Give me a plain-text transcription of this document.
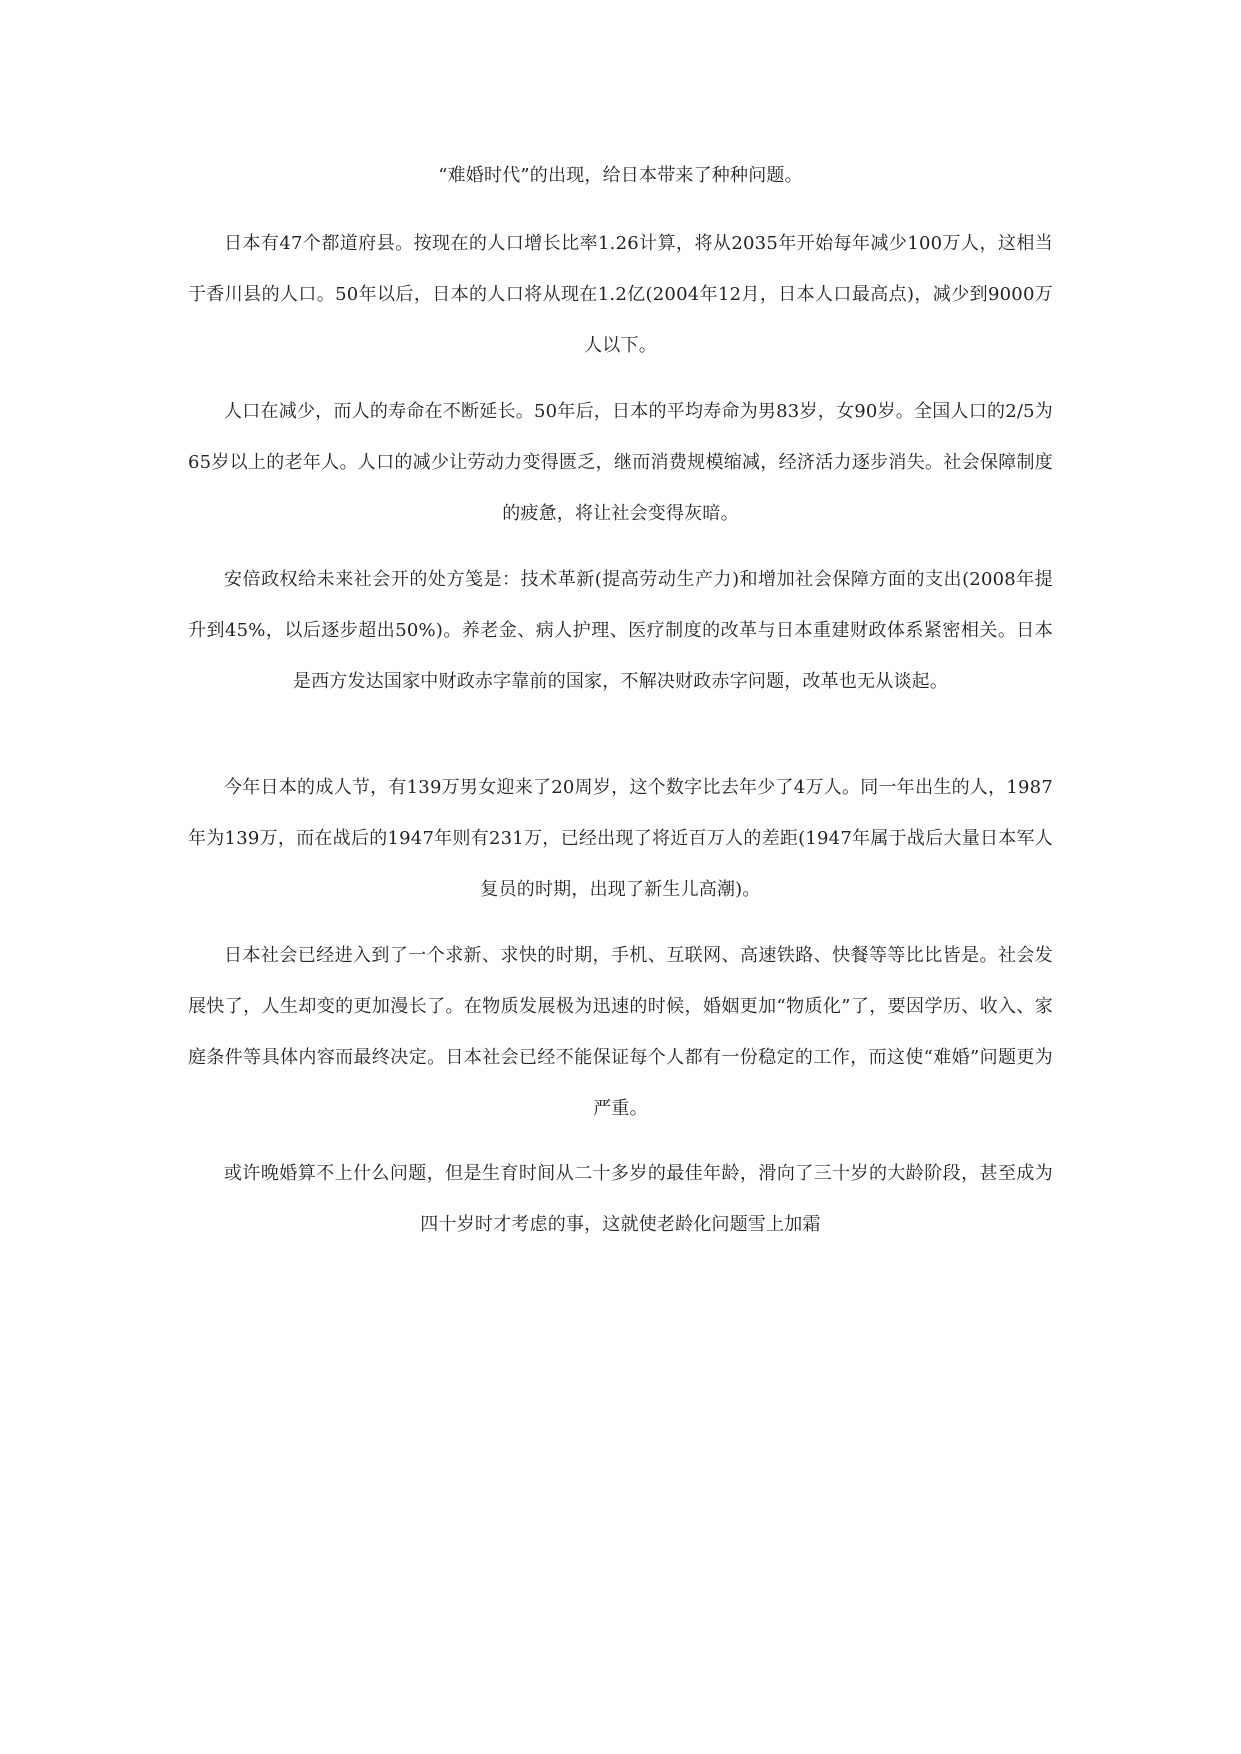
“难婚时代”的出现，给日本带来了种种问题。

日本有47个都道府县。按现在的人口增长比率1.26计算，将从2035年开始每年减少100万人，这相当于香川县的人口。50年以后，日本的人口将从现在1.2亿(2004年12月，日本人口最高点)，减少到9000万人以下。

人口在减少，而人的寿命在不断延长。50年后，日本的平均寿命为男83岁，女90岁。全国人口的2/5为65岁以上的老年人。人口的减少让劳动力变得匮乏，继而消费规模缩减，经济活力逐步消失。社会保障制度的疲惫，将让社会变得灰暗。

安倍政权给未来社会开的处方笺是：技术革新(提高劳动生产力)和增加社会保障方面的支出(2008年提升到45%，以后逐步超出50%)。养老金、病人护理、医疗制度的改革与日本重建财政体系紧密相关。日本是西方发达国家中财政赤字靠前的国家，不解决财政赤字问题，改革也无从谈起。

今年日本的成人节，有139万男女迎来了20周岁，这个数字比去年少了4万人。同一年出生的人，1987年为139万，而在战后的1947年则有231万，已经出现了将近百万人的差距(1947年属于战后大量日本军人复员的时期，出现了新生儿高潮)。

日本社会已经进入到了一个求新、求快的时期，手机、互联网、高速铁路、快餐等等比比皆是。社会发展快了，人生却变的更加漫长了。在物质发展极为迅速的时候，婚姻更加“物质化”了，要因学历、收入、家庭条件等具体内容而最终决定。日本社会已经不能保证每个人都有一份稳定的工作，而这使“难婚”问题更为严重。

或许晚婚算不上什么问题，但是生育时间从二十多岁的最佳年龄，滑向了三十岁的大龄阶段，甚至成为四十岁时才考虑的事，这就使老龄化问题雪上加霜
